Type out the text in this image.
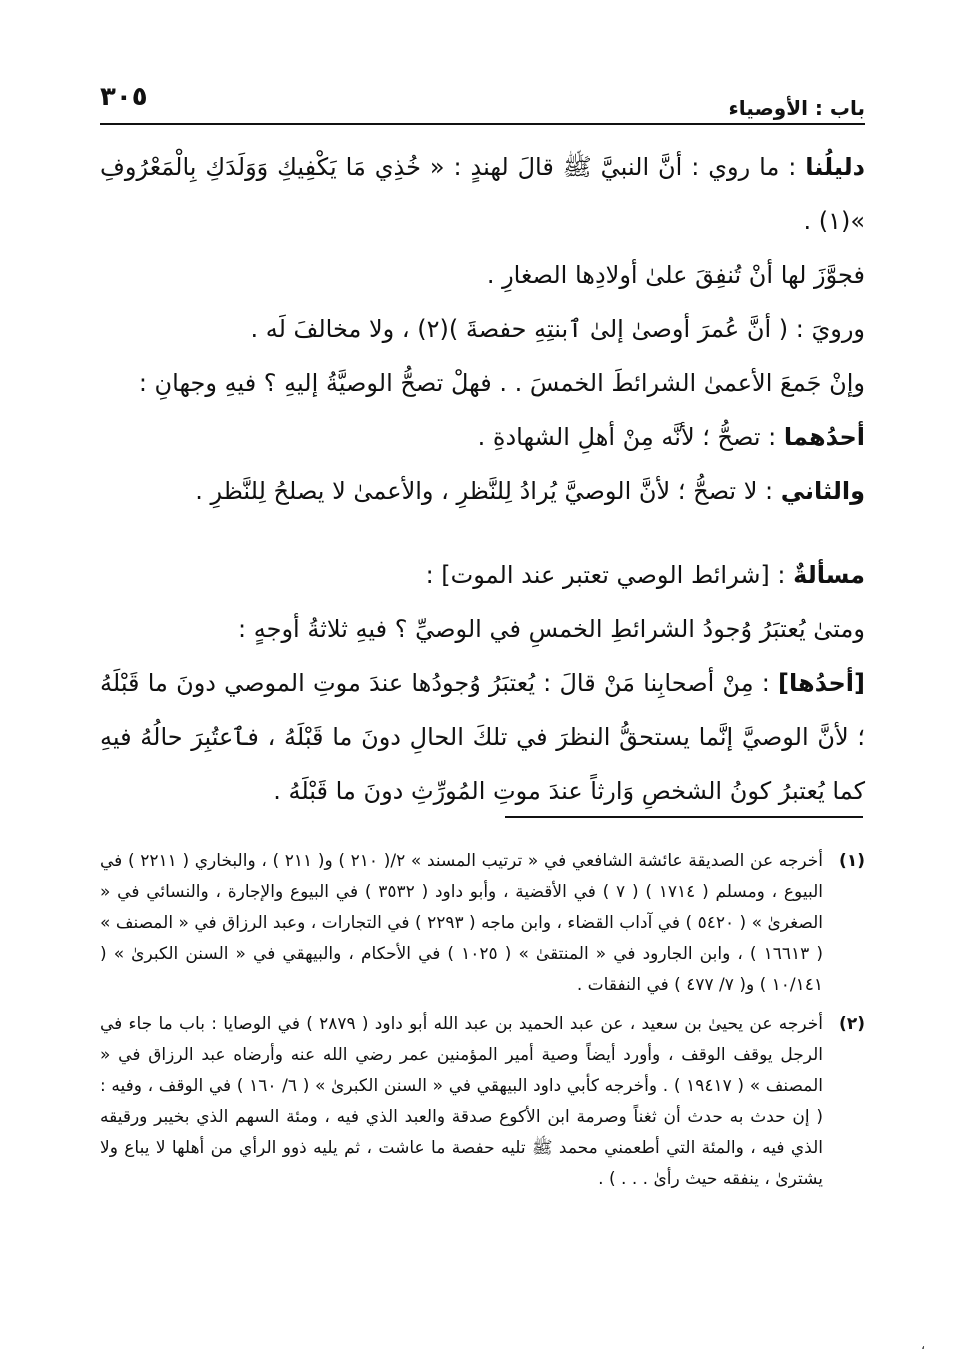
باب : الأوصياء
٣٠٥

دليلُنا : ما روي : أنَّ النبيَّ ﷺ قالَ لهندٍ : « خُذِي مَا يَكْفِيكِ وَوَلَدَكِ بِالْمَعْرُوفِ »(١) .

فجوَّزَ لها أنْ تُنفِقَ علىٰ أولادِها الصغارِ .

ورويَ : ( أنَّ عُمرَ أوصىٰ إلىٰ ٱبنتِهِ حفصةَ )(٢) ، ولا مخالفَ لَه .

وإنْ جَمعَ الأعمىٰ الشرائطَ الخمسَ . . فهلْ تصحُّ الوصيَّةُ إليهِ ؟ فيهِ وجهانِ :

أحدُهما : تصحُّ ؛ لأنَّه مِنْ أهلِ الشهادةِ .

والثاني : لا تصحُّ ؛ لأنَّ الوصيَّ يُرادُ لِلنَّظرِ ، والأعمىٰ لا يصلحُ لِلنَّظرِ .

مسألةٌ : [شرائط الوصي تعتبر عند الموت] :

ومتىٰ يُعتبَرُ وُجودُ الشرائطِ الخمسِ في الوصيِّ ؟ فيهِ ثلاثةُ أوجهٍ :

[أحدُها] : مِنْ أصحابِنا مَنْ قالَ : يُعتبَرُ وُجودُها عندَ موتِ الموصي دونَ ما قَبْلَهُ ؛ لأنَّ الوصيَّ إنَّما يستحقُّ النظرَ في تلكَ الحالِ دونَ ما قَبْلَهُ ، فٱعتُبِرَ حالُهُ فيهِ كما يُعتبرُ كونُ الشخصِ وَارثاً عندَ موتِ المُورِّثِ دونَ ما قَبْلَهُ .

(١)
أخرجه عن الصديقة عائشة الشافعي في « ترتيب المسند » ٢/( ٢١٠ ) و( ٢١١ ) ، والبخاري ( ٢٢١١ ) في البيوع ، ومسلم ( ١٧١٤ ) ( ٧ ) في الأقضية ، وأبو داود ( ٣٥٣٢ ) في البيوع والإجارة ، والنسائي في « الصغرىٰ » ( ٥٤٢٠ ) في آداب القضاء ، وابن ماجه ( ٢٢٩٣ ) في التجارات ، وعبد الرزاق في « المصنف » ( ١٦٦١٣ ) ، وابن الجارود في « المنتقىٰ » ( ١٠٢٥ ) في الأحكام ، والبيهقي في « السنن الكبرىٰ » ( ١٠/١٤١ ) و( ٧/ ٤٧٧ ) في النفقات .
(٢)
أخرجه عن يحيىٰ بن سعيد ، عن عبد الحميد بن عبد الله أبو داود ( ٢٨٧٩ ) في الوصايا : باب ما جاء في الرجل يوقف الوقف ، وأورد أيضاً وصية أمير المؤمنين عمر رضي الله عنه وأرضاه عبد الرزاق في « المصنف » ( ١٩٤١٧ ) . وأخرجه كأبي داود البيهقي في « السنن الكبرىٰ » ( ٦/ ١٦٠ ) في الوقف ، وفيه : ( إن حدث به حدث أن ثغناً وصرمة ابن الأكوع صدقة والعبد الذي فيه ، ومئة السهم الذي بخيبر ورقيقه الذي فيه ، والمئة التي أطعمني محمد ﷺ تليه حفصة ما عاشت ، ثم يليه ذوو الرأي من أهلها لا يباع ولا يشترىٰ ، ينفقه حيث رأىٰ . . . ) .
،
